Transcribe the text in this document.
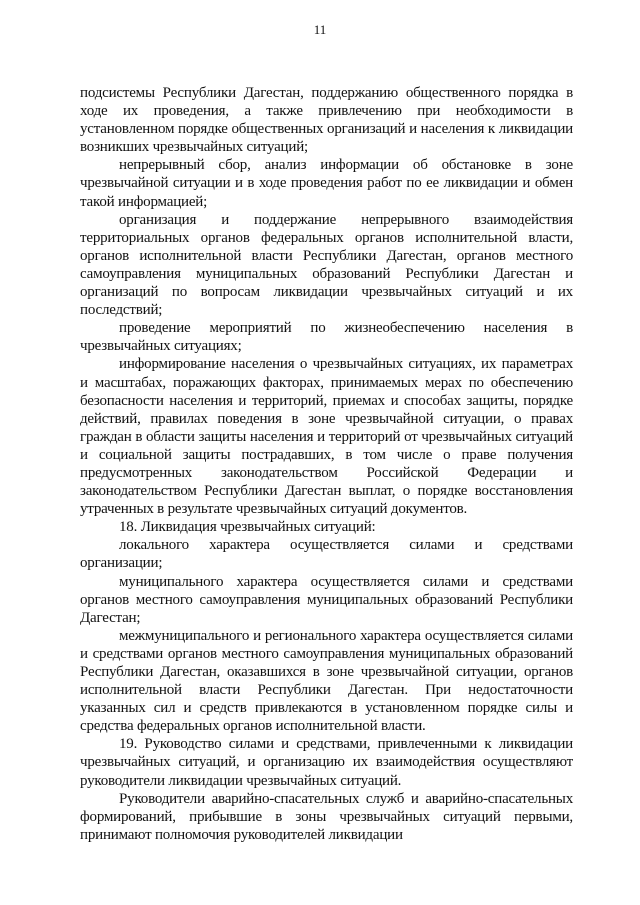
11

подсистемы Республики Дагестан, поддержанию общественного порядка в ходе их проведения, а также привлечению при необходимости в установленном порядке общественных организаций и населения к ликвидации возникших чрезвычайных ситуаций;

непрерывный сбор, анализ информации об обстановке в зоне чрезвычайной ситуации и в ходе проведения работ по ее ликвидации и обмен такой информацией;

организация и поддержание непрерывного взаимодействия территориальных органов федеральных органов исполнительной власти, органов исполнительной власти Республики Дагестан, органов местного самоуправления муниципальных образований Республики Дагестан и организаций по вопросам ликвидации чрезвычайных ситуаций и их последствий;

проведение мероприятий по жизнеобеспечению населения в чрезвычайных ситуациях;

информирование населения о чрезвычайных ситуациях, их параметрах и масштабах, поражающих факторах, принимаемых мерах по обеспечению безопасности населения и территорий, приемах и способах защиты, порядке действий, правилах поведения в зоне чрезвычайной ситуации, о правах граждан в области защиты населения и территорий от чрезвычайных ситуаций и социальной защиты пострадавших, в том числе о праве получения предусмотренных законодательством Российской Федерации и законодательством Республики Дагестан выплат, о порядке восстановления утраченных в результате чрезвычайных ситуаций документов.

18. Ликвидация чрезвычайных ситуаций:

локального характера осуществляется силами и средствами организации;

муниципального характера осуществляется силами и средствами органов местного самоуправления муниципальных образований Республики Дагестан;

межмуниципального и регионального характера осуществляется силами и средствами органов местного самоуправления муниципальных образований Республики Дагестан, оказавшихся в зоне чрезвычайной ситуации, органов исполнительной власти Республики Дагестан. При недостаточности указанных сил и средств привлекаются в установленном порядке силы и средства федеральных органов исполнительной власти.

19. Руководство силами и средствами, привлеченными к ликвидации чрезвычайных ситуаций, и организацию их взаимодействия осуществляют руководители ликвидации чрезвычайных ситуаций.

Руководители аварийно-спасательных служб и аварийно-спасательных формирований, прибывшие в зоны чрезвычайных ситуаций первыми, принимают полномочия руководителей ликвидации
